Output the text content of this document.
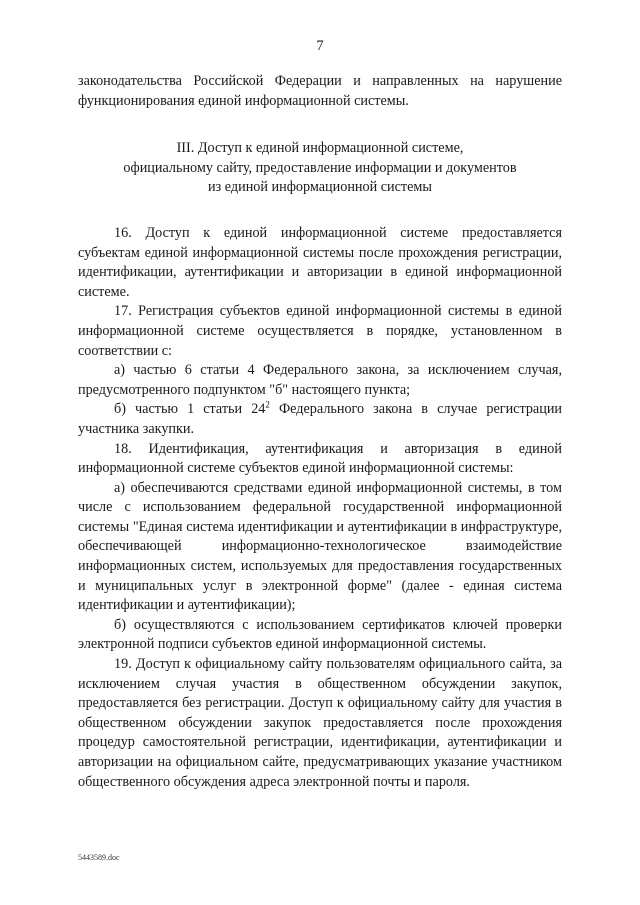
7

законодательства Российской Федерации и направленных на нарушение функционирования единой информационной системы.

III. Доступ к единой информационной системе,
официальному сайту, предоставление информации и документов
из единой информационной системы

16. Доступ к единой информационной системе предоставляется субъектам единой информационной системы после прохождения регистрации, идентификации, аутентификации и авторизации в единой информационной системе.

17. Регистрация субъектов единой информационной системы в единой информационной системе осуществляется в порядке, установленном в соответствии с:

а) частью 6 статьи 4 Федерального закона, за исключением случая, предусмотренного подпунктом "б" настоящего пункта;

б) частью 1 статьи $24^2$ Федерального закона в случае регистрации участника закупки.

18. Идентификация, аутентификация и авторизация в единой информационной системе субъектов единой информационной системы:

а) обеспечиваются средствами единой информационной системы, в том числе с использованием федеральной государственной информационной системы "Единая система идентификации и аутентификации в инфраструктуре, обеспечивающей информационно-технологическое взаимодействие информационных систем, используемых для предоставления государственных и муниципальных услуг в электронной форме" (далее - единая система идентификации и аутентификации);

б) осуществляются с использованием сертификатов ключей проверки электронной подписи субъектов единой информационной системы.

19. Доступ к официальному сайту пользователям официального сайта, за исключением случая участия в общественном обсуждении закупок, предоставляется без регистрации. Доступ к официальному сайту для участия в общественном обсуждении закупок предоставляется после прохождения процедур самостоятельной регистрации, идентификации, аутентификации и авторизации на официальном сайте, предусматривающих указание участником общественного обсуждения адреса электронной почты и пароля.

5443589.doc
